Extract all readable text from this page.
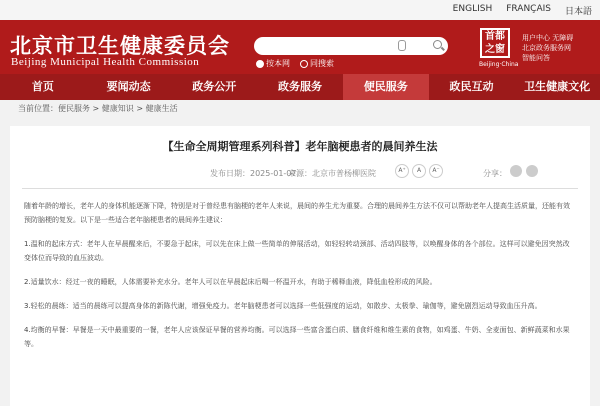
ENGLISH FRANÇAIS 日本語
北京市卫生健康委员会
Beijing Municipal Health Commission	按本网	同搜索
首都之窗
Beijing·China
用户中心 无障碍
北京政务服务网
智能问答
首页	要闻动态	政务公开	政务服务	便民服务	政民互动	卫生健康文化
当前位置：便民服务 > 健康知识 > 健康生活
【生命全周期管理系列科普】老年脑梗患者的晨间养生法
发布日期：2025-01-07
来源：北京市普杨柳医院	A⁺	A	A⁻	分享：

随着年龄的增长，老年人的身体机能逐渐下降，特别是对于曾经患有脑梗的老年人来说，晨间的养生尤为重要。合理的晨间养生方法不仅可以帮助老年人提高生活质量，还能有效预防脑梗的复发。以下是一些适合老年脑梗患者的晨间养生建议：

1.温和的起床方式：老年人在早晨醒来后，不要急于起床，可以先在床上做一些简单的伸展活动，如轻轻转动颈部、活动四肢等，以唤醒身体的各个部位。这样可以避免因突然改变体位而导致的血压波动。

2.适量饮水：经过一夜的睡眠，人体需要补充水分。老年人可以在早晨起床后喝一杯温开水，有助于稀释血液，降低血栓形成的风险。

3.轻松的晨练：适当的晨练可以提高身体的新陈代谢，增强免疫力。老年脑梗患者可以选择一些低强度的运动，如散步、太极拳、瑜伽等，避免剧烈运动导致血压升高。

4.均衡的早餐：早餐是一天中最重要的一餐，老年人应该保证早餐的营养均衡。可以选择一些富含蛋白质、膳食纤维和维生素的食物，如鸡蛋、牛奶、全麦面包、新鲜蔬菜和水果等。
